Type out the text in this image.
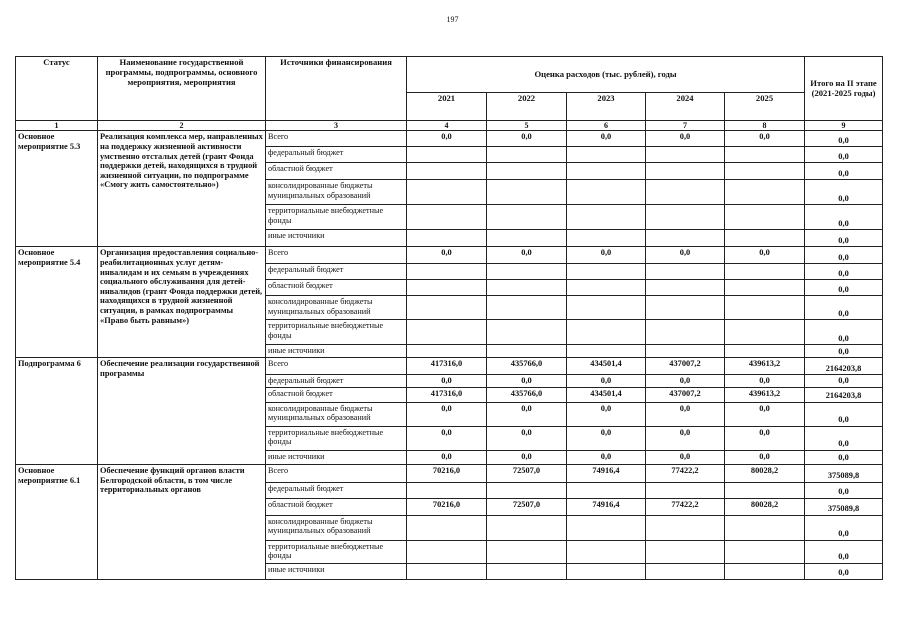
197
Статус	Наименование государственной программы, подпрограммы, основного мероприятия, мероприятия	Источники финансирования	Оценка расходов (тыс. рублей), годы					Итого на II этапе (2021-2025 годы)
			2021	2022	2023	2024	2025	
1	2	3	4	5	6	7	8	9
Основное мероприятие 5.3	Реализация комплекса мер, направленных на поддержку жизненной активности умственно отсталых детей (грант Фонда поддержки детей, находящихся в трудной жизненной ситуации, по подпрограмме «Смогу жить самостоятельно»)	Всего	0,0	0,0	0,0	0,0	0,0	0,0
		федеральный бюджет						0,0
		областной бюджет						0,0
		консолидированные бюджеты муниципальных образований						0,0
		территориальные внебюджетные фонды						0,0
		иные источники						0,0
Основное мероприятие 5.4	Организация предоставления социально-реабилитационных услуг детям-инвалидам и их семьям в учреждениях социального обслуживания для детей-инвалидов (грант Фонда поддержки детей, находящихся в трудной жизненной ситуации, в рамках подпрограммы «Право быть равным»)	Всего	0,0	0,0	0,0	0,0	0,0	0,0
		федеральный бюджет						0,0
		областной бюджет						0,0
		консолидированные бюджеты муниципальных образований						0,0
		территориальные внебюджетные фонды						0,0
		иные источники						0,0
Подпрограмма 6	Обеспечение реализации государственной программы	Всего	417316,0	435766,0	434501,4	437007,2	439613,2	2164203,8
		федеральный бюджет	0,0	0,0	0,0	0,0	0,0	0,0
		областной бюджет	417316,0	435766,0	434501,4	437007,2	439613,2	2164203,8
		консолидированные бюджеты муниципальных образований	0,0	0,0	0,0	0,0	0,0	0,0
		территориальные внебюджетные фонды	0,0	0,0	0,0	0,0	0,0	0,0
		иные источники	0,0	0,0	0,0	0,0	0,0	0,0
Основное мероприятие 6.1	Обеспечение функций органов власти Белгородской области, в том числе территориальных органов	Всего	70216,0	72507,0	74916,4	77422,2	80028,2	375089,8
		федеральный бюджет						0,0
		областной бюджет	70216,0	72507,0	74916,4	77422,2	80028,2	375089,8
		консолидированные бюджеты муниципальных образований						0,0
		территориальные внебюджетные фонды						0,0
		иные источники						0,0
